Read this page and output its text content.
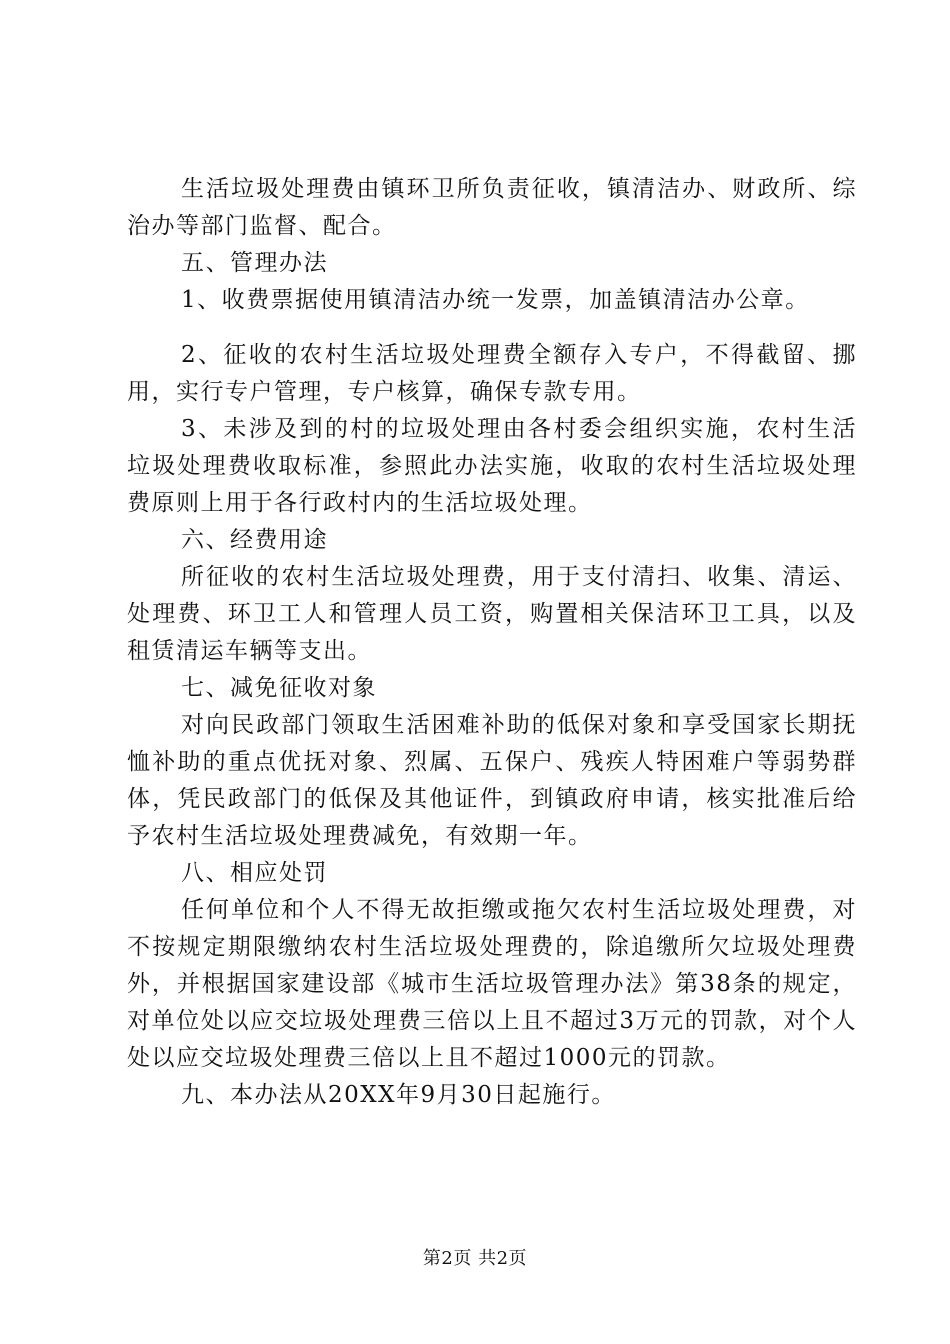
生活垃圾处理费由镇环卫所负责征收，镇清洁办、财政所、综治办等部门监督、配合。

五、管理办法

1、收费票据使用镇清洁办统一发票，加盖镇清洁办公章。

2、征收的农村生活垃圾处理费全额存入专户，不得截留、挪用，实行专户管理，专户核算，确保专款专用。

3、未涉及到的村的垃圾处理由各村委会组织实施，农村生活垃圾处理费收取标准，参照此办法实施，收取的农村生活垃圾处理费原则上用于各行政村内的生活垃圾处理。

六、经费用途

所征收的农村生活垃圾处理费，用于支付清扫、收集、清运、处理费、环卫工人和管理人员工资，购置相关保洁环卫工具，以及租赁清运车辆等支出。

七、减免征收对象

对向民政部门领取生活困难补助的低保对象和享受国家长期抚恤补助的重点优抚对象、烈属、五保户、残疾人特困难户等弱势群体，凭民政部门的低保及其他证件，到镇政府申请，核实批准后给予农村生活垃圾处理费减免，有效期一年。

八、相应处罚

任何单位和个人不得无故拒缴或拖欠农村生活垃圾处理费，对不按规定期限缴纳农村生活垃圾处理费的，除追缴所欠垃圾处理费外，并根据国家建设部《城市生活垃圾管理办法》第38条的规定，对单位处以应交垃圾处理费三倍以上且不超过3万元的罚款，对个人处以应交垃圾处理费三倍以上且不超过1000元的罚款。

九、本办法从20XX年9月30日起施行。

第2页 共2页
